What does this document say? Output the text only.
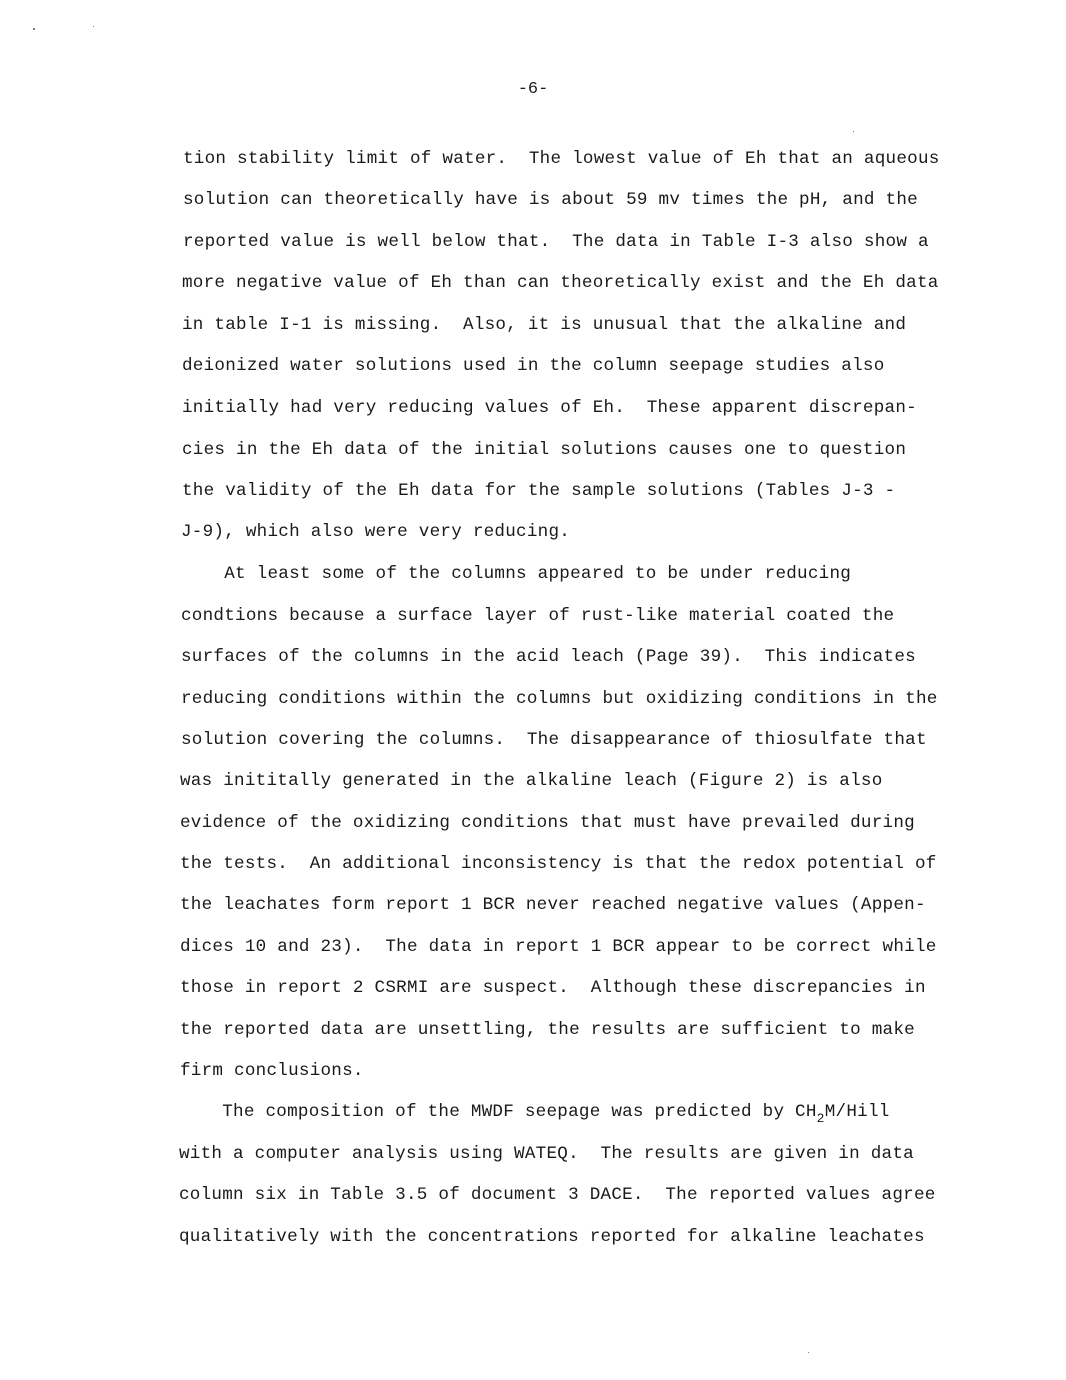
-6-
tion stability limit of water.  The lowest value of Eh that an aqueous
solution can theoretically have is about 59 mv times the pH, and the
reported value is well below that.  The data in Table I-3 also show a
more negative value of Eh than can theoretically exist and the Eh data
in table I-1 is missing.  Also, it is unusual that the alkaline and
deionized water solutions used in the column seepage studies also
initially had very reducing values of Eh.  These apparent discrepan-
cies in the Eh data of the initial solutions causes one to question
the validity of the Eh data for the sample solutions (Tables J-3 -
J-9), which also were very reducing.
At least some of the columns appeared to be under reducing
condtions because a surface layer of rust-like material coated the
surfaces of the columns in the acid leach (Page 39).  This indicates
reducing conditions within the columns but oxidizing conditions in the
solution covering the columns.  The disappearance of thiosulfate that
was inititally generated in the alkaline leach (Figure 2) is also
evidence of the oxidizing conditions that must have prevailed during
the tests.  An additional inconsistency is that the redox potential of
the leachates form report 1 BCR never reached negative values (Appen-
dices 10 and 23).  The data in report 1 BCR appear to be correct while
those in report 2 CSRMI are suspect.  Although these discrepancies in
the reported data are unsettling, the results are sufficient to make
firm conclusions.
The composition of the MWDF seepage was predicted by $CH_2M$/Hill
with a computer analysis using WATEQ.  The results are given in data
column six in Table 3.5 of document 3 DACE.  The reported values agree
qualitatively with the concentrations reported for alkaline leachates
